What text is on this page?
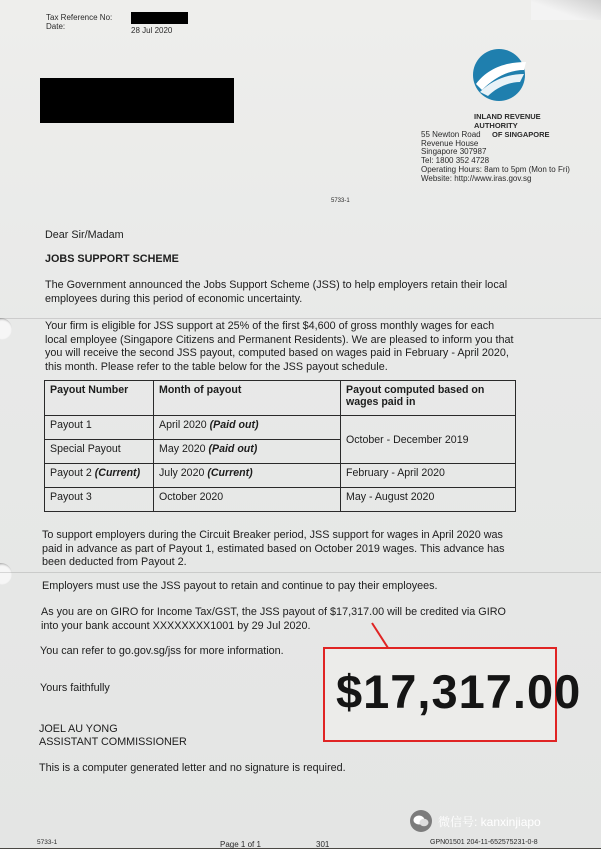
Tax Reference No:
Date:	28 Jul 2020
INLAND REVENUE
AUTHORITY
55 Newton Road OF SINGAPORE
Revenue House
Singapore 307987
Tel: 1800 352 4728
Operating Hours: 8am to 5pm (Mon to Fri)
Website: http://www.iras.gov.sg
5733-1
Dear Sir/Madam
JOBS SUPPORT SCHEME
The Government announced the Jobs Support Scheme (JSS) to help employers retain their local employees during this period of economic uncertainty.
Your firm is eligible for JSS support at 25% of the first $4,600 of gross monthly wages for each local employee (Singapore Citizens and Permanent Residents). We are pleased to inform you that you will receive the second JSS payout, computed based on wages paid in February - April 2020, this month. Please refer to the table below for the JSS payout schedule.
Payout Number	Month of payout	Payout computed based on wages paid in
Payout 1	April 2020 (Paid out)	October - December 2019
Special Payout	May 2020 (Paid out)	
Payout 2 (Current)	July 2020 (Current)	February - April 2020
Payout 3	October 2020	May - August 2020
To support employers during the Circuit Breaker period, JSS support for wages in April 2020 was paid in advance as part of Payout 1, estimated based on October 2019 wages. This advance has been deducted from Payout 2.
Employers must use the JSS payout to retain and continue to pay their employees.
As you are on GIRO for Income Tax/GST, the JSS payout of $17,317.00 will be credited via GIRO into your bank account XXXXXXXX1001 by 29 Jul 2020.
You can refer to go.gov.sg/jss for more information.
Yours faithfully
JOEL AU YONG
ASSISTANT COMMISSIONER
This is a computer generated letter and no signature is required.
5733-1	Page 1 of 1	301	GPN01501 204-11-652575231-0-8
$17,317.00
微信号: kanxinjiapo
